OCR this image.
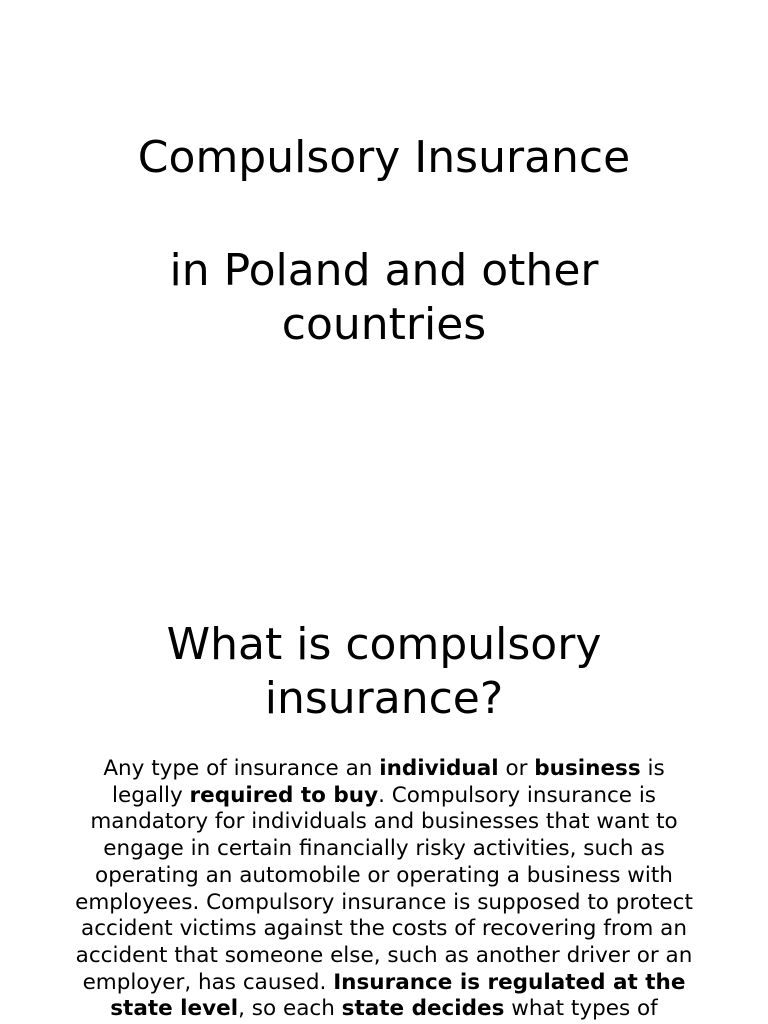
Compulsory Insurance
in Poland and other
countries
What is compulsory
insurance?
Any type of insurance an individual or business is
legally required to buy. Compulsory insurance is
mandatory for individuals and businesses that want to
engage in certain financially risky activities, such as
operating an automobile or operating a business with
employees. Compulsory insurance is supposed to protect
accident victims against the costs of recovering from an
accident that someone else, such as another driver or an
employer, has caused. Insurance is regulated at the
state level, so each state decides what types of
